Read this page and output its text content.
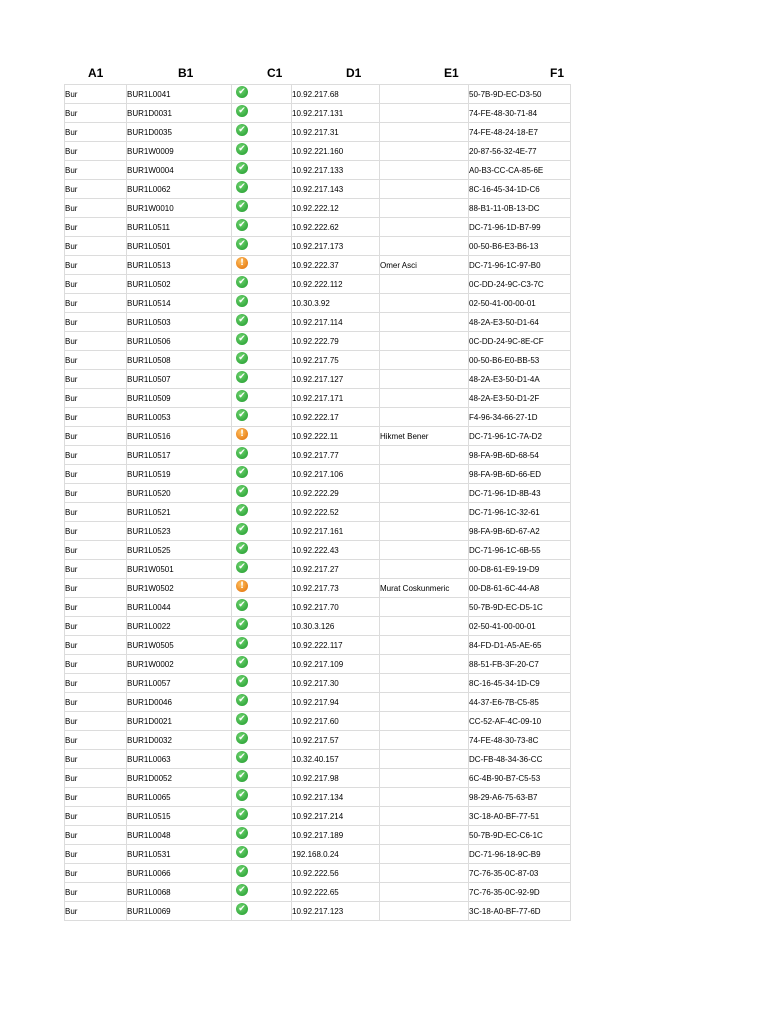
A1	B1	C1	D1	E1	F1
Bur	BUR1L0041	✔	10.92.217.68		50-7B-9D-EC-D3-50
Bur	BUR1D0031	✔	10.92.217.131		74-FE-48-30-71-84
Bur	BUR1D0035	✔	10.92.217.31		74-FE-48-24-18-E7
Bur	BUR1W0009	✔	10.92.221.160		20-87-56-32-4E-77
Bur	BUR1W0004	✔	10.92.217.133		A0-B3-CC-CA-85-6E
Bur	BUR1L0062	✔	10.92.217.143		8C-16-45-34-1D-C6
Bur	BUR1W0010	✔	10.92.222.12		88-B1-11-0B-13-DC
Bur	BUR1L0511	✔	10.92.222.62		DC-71-96-1D-B7-99
Bur	BUR1L0501	✔	10.92.217.173		00-50-B6-E3-B6-13
Bur	BUR1L0513	!	10.92.222.37	Omer Asci	DC-71-96-1C-97-B0
Bur	BUR1L0502	✔	10.92.222.112		0C-DD-24-9C-C3-7C
Bur	BUR1L0514	✔	10.30.3.92		02-50-41-00-00-01
Bur	BUR1L0503	✔	10.92.217.114		48-2A-E3-50-D1-64
Bur	BUR1L0506	✔	10.92.222.79		0C-DD-24-9C-8E-CF
Bur	BUR1L0508	✔	10.92.217.75		00-50-B6-E0-BB-53
Bur	BUR1L0507	✔	10.92.217.127		48-2A-E3-50-D1-4A
Bur	BUR1L0509	✔	10.92.217.171		48-2A-E3-50-D1-2F
Bur	BUR1L0053	✔	10.92.222.17		F4-96-34-66-27-1D
Bur	BUR1L0516	!	10.92.222.11	Hikmet Bener	DC-71-96-1C-7A-D2
Bur	BUR1L0517	✔	10.92.217.77		98-FA-9B-6D-68-54
Bur	BUR1L0519	✔	10.92.217.106		98-FA-9B-6D-66-ED
Bur	BUR1L0520	✔	10.92.222.29		DC-71-96-1D-8B-43
Bur	BUR1L0521	✔	10.92.222.52		DC-71-96-1C-32-61
Bur	BUR1L0523	✔	10.92.217.161		98-FA-9B-6D-67-A2
Bur	BUR1L0525	✔	10.92.222.43		DC-71-96-1C-6B-55
Bur	BUR1W0501	✔	10.92.217.27		00-D8-61-E9-19-D9
Bur	BUR1W0502	!	10.92.217.73	Murat Coskunmeric	00-D8-61-6C-44-A8
Bur	BUR1L0044	✔	10.92.217.70		50-7B-9D-EC-D5-1C
Bur	BUR1L0022	✔	10.30.3.126		02-50-41-00-00-01
Bur	BUR1W0505	✔	10.92.222.117		84-FD-D1-A5-AE-65
Bur	BUR1W0002	✔	10.92.217.109		88-51-FB-3F-20-C7
Bur	BUR1L0057	✔	10.92.217.30		8C-16-45-34-1D-C9
Bur	BUR1D0046	✔	10.92.217.94		44-37-E6-7B-C5-85
Bur	BUR1D0021	✔	10.92.217.60		CC-52-AF-4C-09-10
Bur	BUR1D0032	✔	10.92.217.57		74-FE-48-30-73-8C
Bur	BUR1L0063	✔	10.32.40.157		DC-FB-48-34-36-CC
Bur	BUR1D0052	✔	10.92.217.98		6C-4B-90-B7-C5-53
Bur	BUR1L0065	✔	10.92.217.134		98-29-A6-75-63-B7
Bur	BUR1L0515	✔	10.92.217.214		3C-18-A0-BF-77-51
Bur	BUR1L0048	✔	10.92.217.189		50-7B-9D-EC-C6-1C
Bur	BUR1L0531	✔	192.168.0.24		DC-71-96-18-9C-B9
Bur	BUR1L0066	✔	10.92.222.56		7C-76-35-0C-87-03
Bur	BUR1L0068	✔	10.92.222.65		7C-76-35-0C-92-9D
Bur	BUR1L0069	✔	10.92.217.123		3C-18-A0-BF-77-6D
